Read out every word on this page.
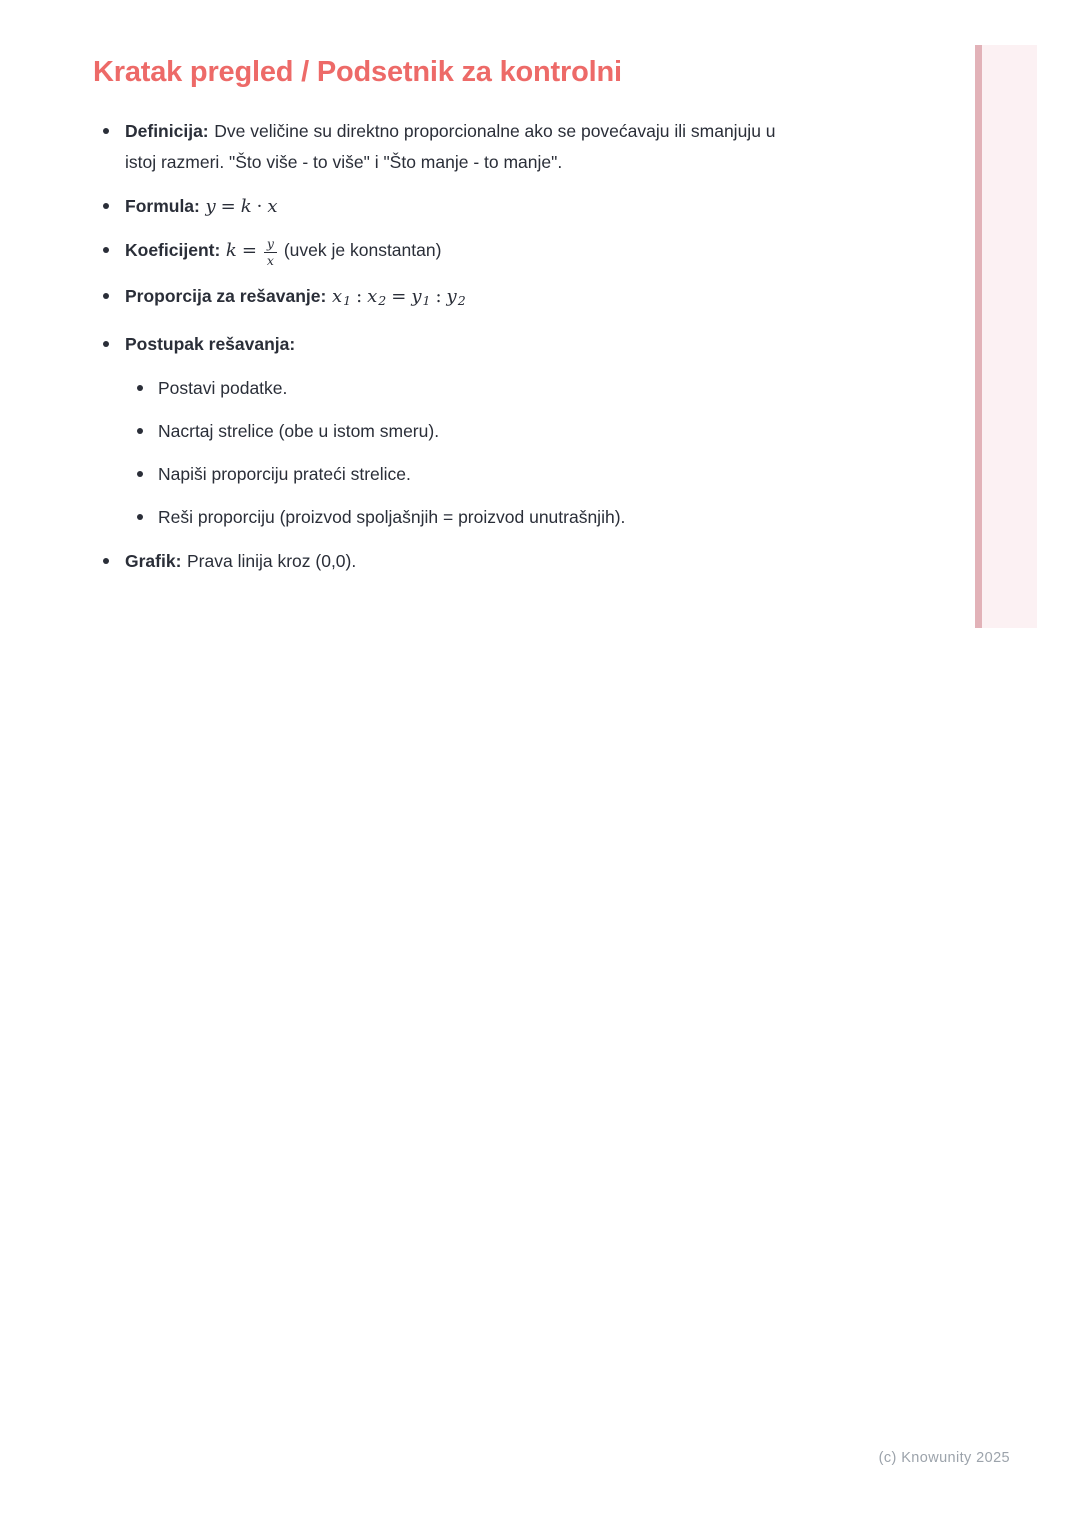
Kratak pregled / Podsetnik za kontrolni
Definicija: Dve veličine su direktno proporcionalne ako se povećavaju ili smanjuju u istoj razmeri. "Što više - to više" i "Što manje - to manje".
Formula: y = k · x
Koeficijent: $k = \frac{y}{x}$ (uvek je konstantan)
Proporcija za rešavanje: x1 : x2 = y1 : y2
Postupak rešavanja:
Postavi podatke.
Nacrtaj strelice (obe u istom smeru).
Napiši proporciju prateći strelice.
Reši proporciju (proizvod spoljašnjih = proizvod unutrašnjih).
Grafik: Prava linija kroz (0,0).
(c) Knowunity 2025
